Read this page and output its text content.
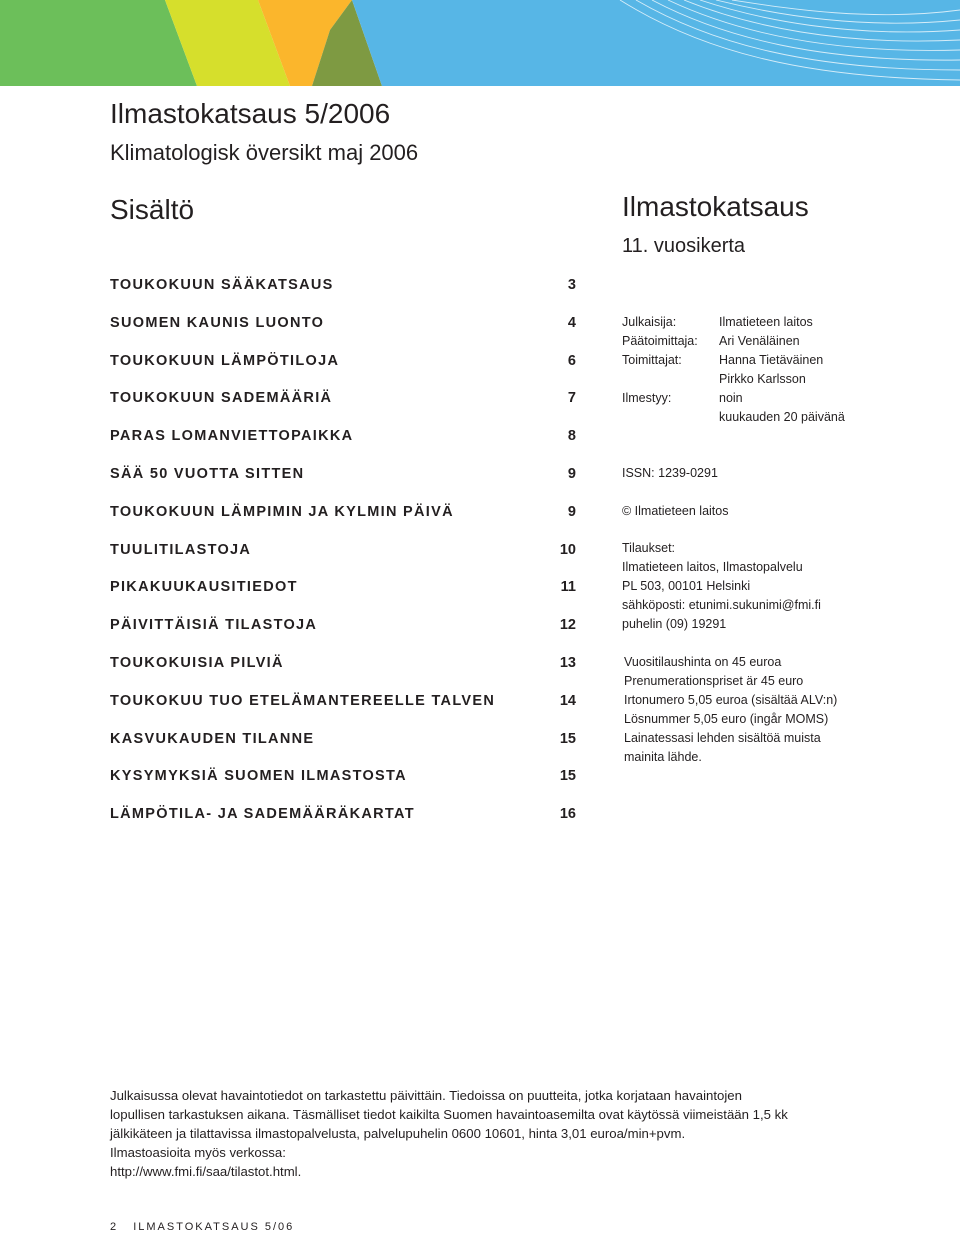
Ilmastokatsaus 5/2006
Klimatologisk översikt maj 2006
Sisältö
TOUKOKUUN SÄÄKATSAUS	3
SUOMEN KAUNIS LUONTO	4
TOUKOKUUN LÄMPÖTILOJA	6
TOUKOKUUN SADEMÄÄRIÄ	7
PARAS LOMANVIETTOPAIKKA	8
SÄÄ 50 VUOTTA SITTEN	9
TOUKOKUUN LÄMPIMIN JA KYLMIN PÄIVÄ	9
TUULITILASTOJA	10
PIKAKUUKAUSITIEDOT	11
PÄIVITTÄISIÄ TILASTOJA	12
TOUKOKUISIA PILVIÄ	13
TOUKOKUU TUO ETELÄMANTEREELLE TALVEN	14
KASVUKAUDEN TILANNE	15
KYSYMYKSIÄ SUOMEN ILMASTOSTA	15
LÄMPÖTILA- JA SADEMÄÄRÄKARTAT	16
Ilmastokatsaus
11. vuosikerta
Julkaisija:	Ilmatieteen laitos
Päätoimittaja:	Ari Venäläinen
Toimittajat:	Hanna Tietäväinen
Pirkko Karlsson
Ilmestyy:	noin
kuukauden 20 päivänä
ISSN: 1239-0291
© Ilmatieteen laitos
Tilaukset:
Ilmatieteen laitos, Ilmastopalvelu
PL 503, 00101 Helsinki
sähköposti: etunimi.sukunimi@fmi.fi
puhelin (09) 19291
Vuositilaushinta on 45 euroa
Prenumerationspriset är 45 euro
Irtonumero 5,05 euroa (sisältää ALV:n)
Lösnummer 5,05 euro (ingår MOMS)
Lainatessasi lehden sisältöä muista
mainita lähde.
Julkaisussa olevat havaintotiedot on tarkastettu päivittäin. Tiedoissa on puutteita, jotka korjataan havaintojen
lopullisen tarkastuksen aikana. Täsmälliset tiedot kaikilta Suomen havaintoasemilta ovat käytössä viimeistään 1,5 kk
jälkikäteen ja tilattavissa ilmastopalvelusta, palvelupuhelin 0600 10601, hinta 3,01 euroa/min+pvm.
Ilmastoasioita myös verkossa:
http://www.fmi.fi/saa/tilastot.html.
2 ILMASTOKATSAUS 5/06
